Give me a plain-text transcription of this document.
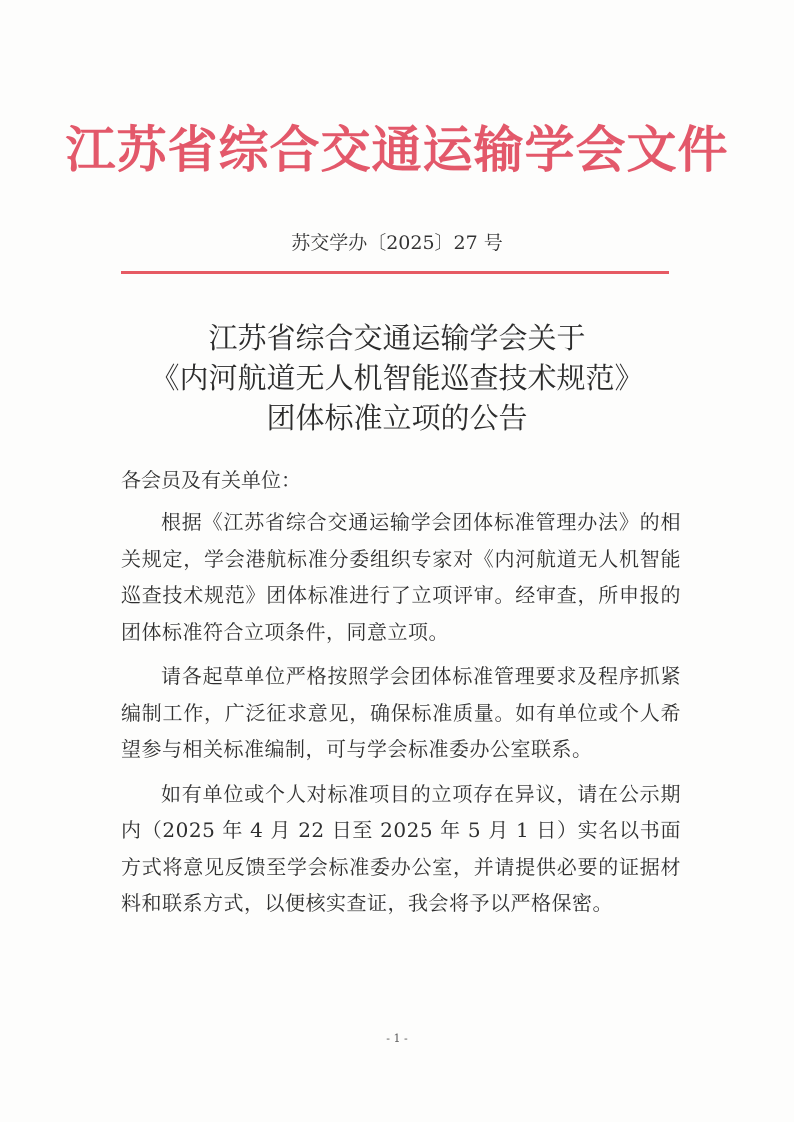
江苏省综合交通运输学会文件
苏交学办〔2025〕27 号
江苏省综合交通运输学会关于
《内河航道无人机智能巡查技术规范》
团体标准立项的公告
各会员及有关单位：

根据《江苏省综合交通运输学会团体标准管理办法》的相关规定，学会港航标准分委组织专家对《内河航道无人机智能巡查技术规范》团体标准进行了立项评审。经审查，所申报的团体标准符合立项条件，同意立项。

请各起草单位严格按照学会团体标准管理要求及程序抓紧编制工作，广泛征求意见，确保标准质量。如有单位或个人希望参与相关标准编制，可与学会标准委办公室联系。

如有单位或个人对标准项目的立项存在异议，请在公示期内（2025 年 4 月 22 日至 2025 年 5 月 1 日）实名以书面方式将意见反馈至学会标准委办公室，并请提供必要的证据材料和联系方式，以便核实查证，我会将予以严格保密。

- 1 -
